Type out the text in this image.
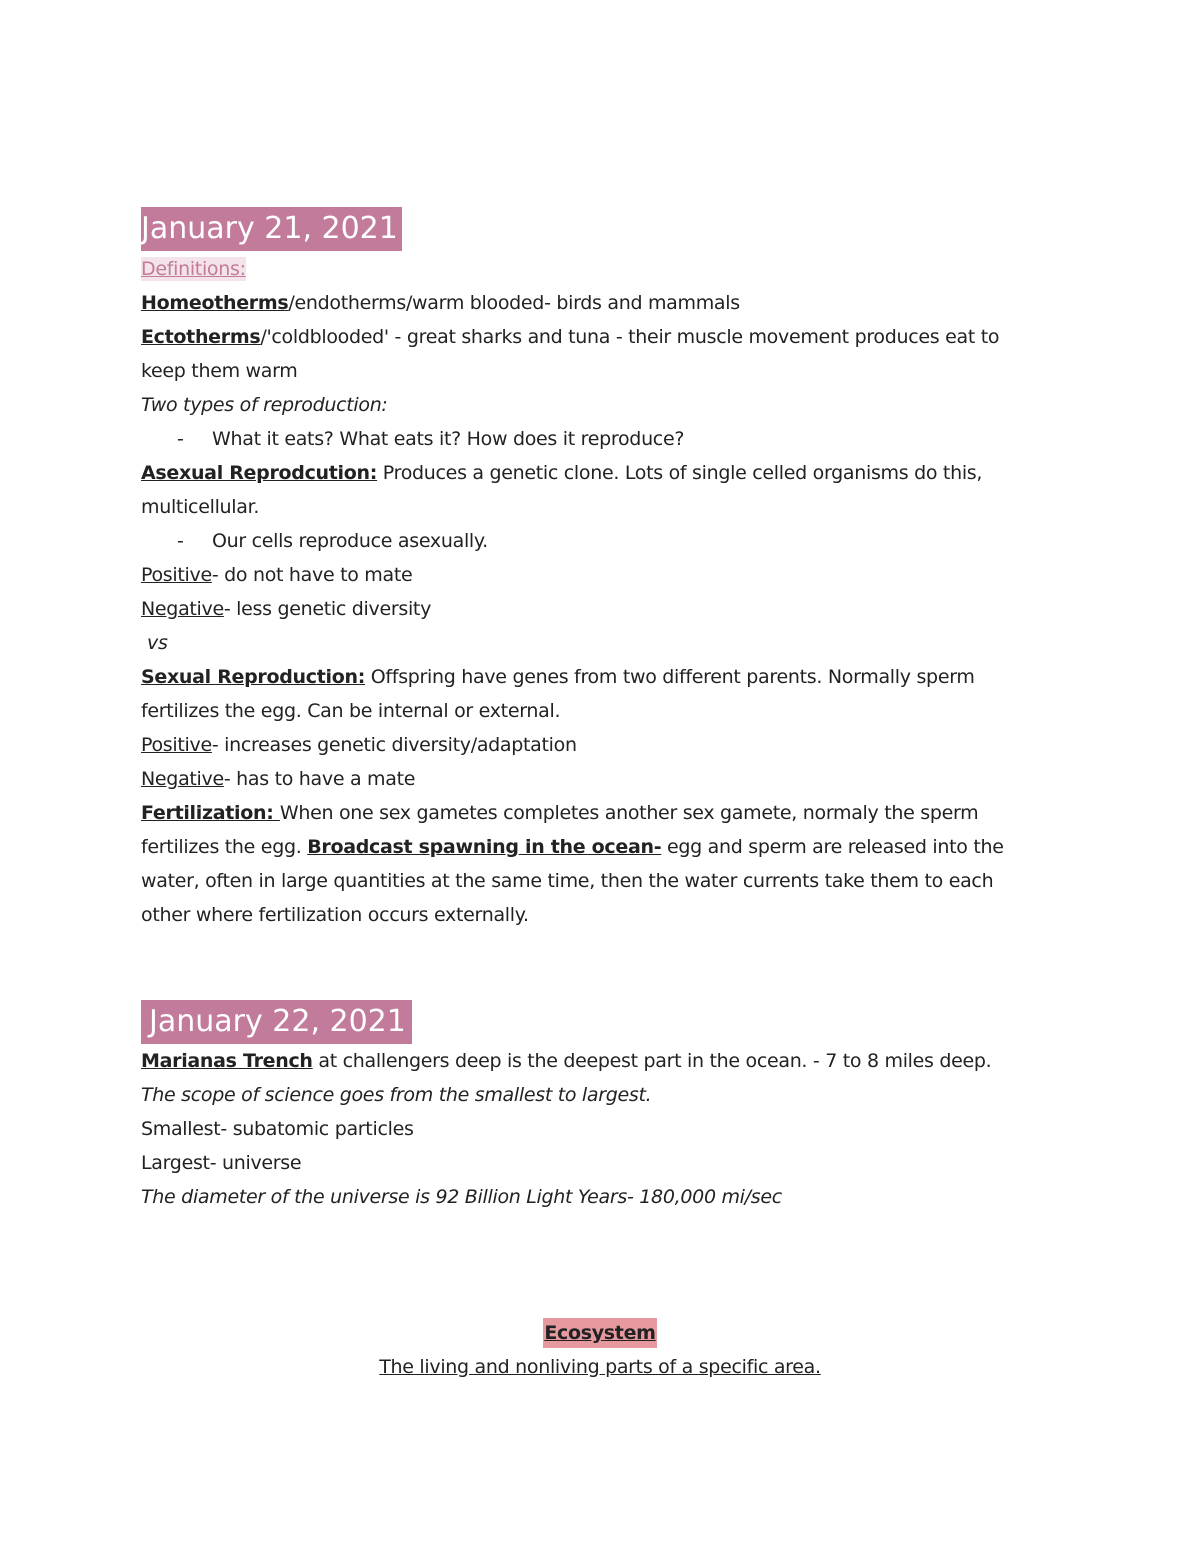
January 21, 2021
Definitions:

Homeotherms/endotherms/warm blooded- birds and mammals

Ectotherms/'coldblooded' - great sharks and tuna - their muscle movement produces eat to

keep them warm

Two types of reproduction:

- What it eats? What eats it? How does it reproduce?

Asexual Reprodcution: Produces a genetic clone. Lots of single celled organisms do this,

multicellular.

- Our cells reproduce asexually.

Positive- do not have to mate

Negative- less genetic diversity

vs

Sexual Reproduction: Offspring have genes from two different parents. Normally sperm

fertilizes the egg. Can be internal or external.

Positive- increases genetic diversity/adaptation

Negative- has to have a mate

Fertilization: When one sex gametes completes another sex gamete, normaly the sperm

fertilizes the egg. Broadcast spawning in the ocean- egg and sperm are released into the

water, often in large quantities at the same time, then the water currents take them to each

other where fertilization occurs externally.

January 22, 2021

Marianas Trench at challengers deep is the deepest part in the ocean. - 7 to 8 miles deep.

The scope of science goes from the smallest to largest.

Smallest- subatomic particles

Largest- universe

The diameter of the universe is 92 Billion Light Years- 180,000 mi/sec

Ecosystem
The living and nonliving parts of a specific area.
